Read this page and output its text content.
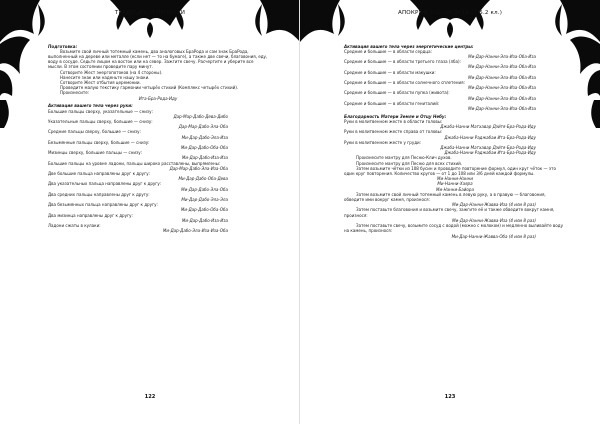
ТРАДИЦИИ И ПРОРОКИ
Подготовка:
Возьмите свой личный тотемный камень, два аналоговых БраРода и сам знак БраРода, выполненный на дереве или металле (если нет — то на бумаге), а также две свечи, благовония, еду, воду в сосуде. Седьте лицом на восток или на север. Зажгите свечу. Расчертите и уберите все мысли. В этом состоянии проведите пару минут.
Сотворите Жест энергопотоков (на 4 стороны).
Нанесите знак или наденьте нашу знаки.
Сотворите Жест отбытия церемонии.
Проведите малую текстику гармонии четырёх стихий (Комплекс четырёх стихий).
Произнесите:
Ита-Бра-Рода-Иду
Активация вашего тела через руки:
Большие пальцы сверху, указательные — снизу:
Дар-Мар-Дабо-Дева-Дибо
Указательные пальцы сверху, большие — снизу:
Дар-Мар-Дабо-Эла-Оба
Средние пальцы сверху, большие — снизу:
Ми-Дар-Дабо-Эла-Иза
Безымянные пальцы сверху, большие — снизу:
Ми-Дар-Дабо-Оба-Оба
Мизинцы сверху, большие пальцы — снизу:
Ми-Дар-Дабо-Иза-Иза
Большие пальцы на уровне ладони, пальцы широко расставлены, выпрямлены:
Дар-Мар-Дабо-Эла-Иза-Оба
Две большие пальца направлены друг к другу:
Ми-Дар-Дабо-Оба-Дева
Два указательных пальца направлены друг к другу:
Ми-Дар-Дабо-Эла-Оба
Два средних пальцы направлены друг к другу:
Ми-Дар-Дабо-Эла-Эла
Два безымянных пальца направлены друг к другу:
Ми-Дар-Дабо-Оба-Оба
Два мизинца направлены друг к другу:
Ми-Дар-Дабо-Иза-Иза
Ладони сжаты в кулаки:
Ми-Дар-Дабо-Эла-Иза-Иза-Оба
122
АПОКРИФ-106: 08.2016 (7/5.2 кл.)
Активация вашего тела через энергетические центры:
Средние и большие — в области сердца:
Ми-Дар-Нанни-Эла-Иза-Оба-Иза
Средние и большие — в области третьего глаза (лба):
Ми-Дар-Нанни-Эла-Иза-Оба-Иза
Средние и большие — в области макушки:
Ми-Дар-Нанни-Эла-Иза-Оба-Иза
Средние и большие — в области солнечного сплетения:
Ми-Дар-Нанни-Эла-Иза-Оба-Иза
Средние и большие — в области пупка (живота):
Ми-Дар-Нанни-Эла-Иза-Оба-Иза
Средние и большие — в области гениталий:
Ми-Дар-Нанни-Эла-Иза-Оба-Иза
Благодарность Матери Земле и Отцу Небу:
Руки в молитвенном жесте в области головы:
Джаба-Нанни Матхавар Дэйтя-Бра-Рода-Иду
Руки в молитвенном жесте справа от головы:
Джаба-Нанни Раджабаи Ита-Бра-Рода-Иду
Руки в молитвенном жесте у груди:
Джаба-Нанни Матхавар Дэйтя-Бра-Рода-Иду
Джаба-Нанни Раджабаи Ита-Бра-Рода-Иду
Произнесите мантру для Песню-Клич духов.
Произнесите мантру для Песню для всех стихий.
Затем возьмите чётки из 108 бусин и проводите повторение формул, один круг чёток — это один круг повторения. Количество кругов — от 1 до 108 или 3/6 дней каждой формулы.
Ми-Нанни-Нанни
Ми-Нанни-Хаяра
Ми-Нанни-Байора
Затем возьмите свой личный тотемный камень в левую руку, а в правую — благовония, обведите ими вокруг камня, произнося:
Ми-Дар-Нанни-Жавва-Иза (4 или 8 раз)
Затем поставьте благовония и возьмите свечу, зажгите её и также обведите вокруг камня, произнося:
Ми-Дар-Нанни-Жавва-Иза (4 или 8 раз)
Затем поставьте свечу, возьмите сосуд с водой (можно с молоком) и медленно выливайте воду на камень, произнося:
Ми-Дар-Нанни-Жавва-Оба (4 или 8 раз)
123
